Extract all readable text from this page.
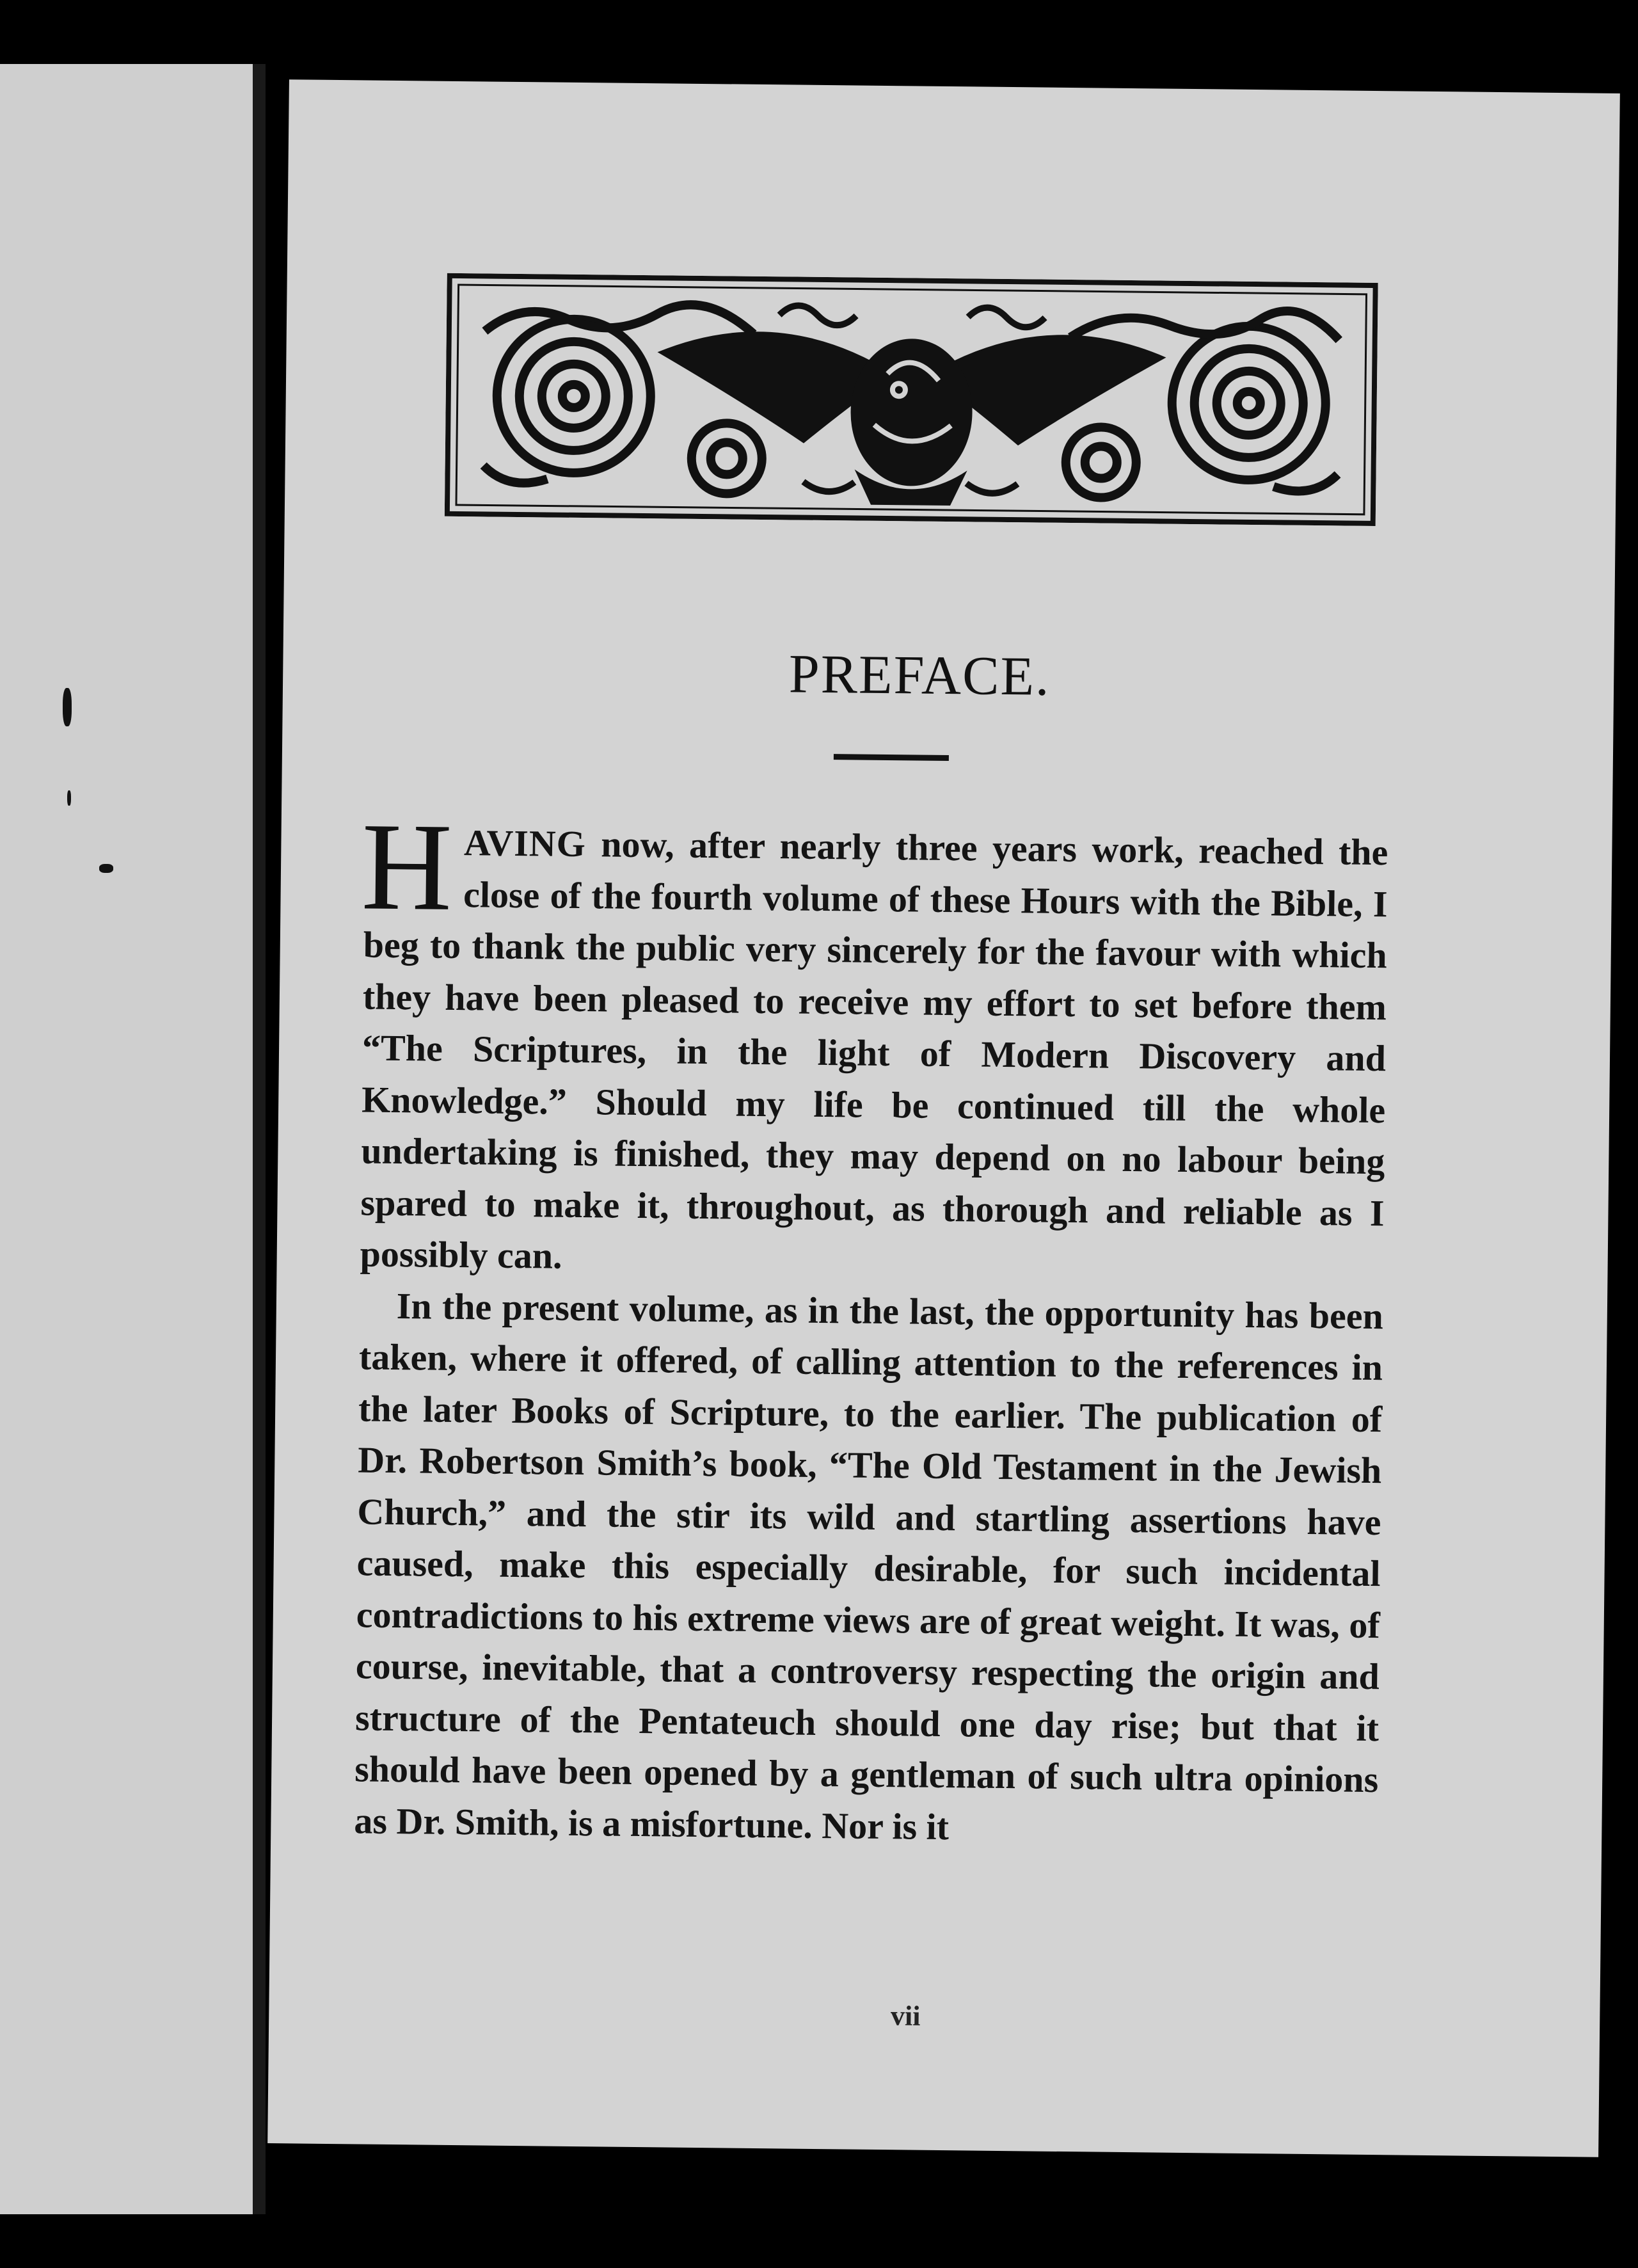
PREFACE.

HAVING now, after nearly three years work, reached the close of the fourth volume of these Hours with the Bible, I beg to thank the public very sincerely for the favour with which they have been pleased to receive my effort to set before them “The Scriptures, in the light of Modern Discovery and Knowledge.” Should my life be continued till the whole undertaking is finished, they may depend on no labour being spared to make it, throughout, as thorough and reliable as I possibly can.

In the present volume, as in the last, the opportunity has been taken, where it offered, of calling attention to the references in the later Books of Scripture, to the earlier. The publication of Dr. Robertson Smith’s book, “The Old Testament in the Jewish Church,” and the stir its wild and startling assertions have caused, make this especially desirable, for such incidental contradictions to his extreme views are of great weight. It was, of course, inevitable, that a controversy respecting the origin and structure of the Pentateuch should one day rise; but that it should have been opened by a gentleman of such ultra opinions as Dr. Smith, is a misfortune. Nor is it

vii
